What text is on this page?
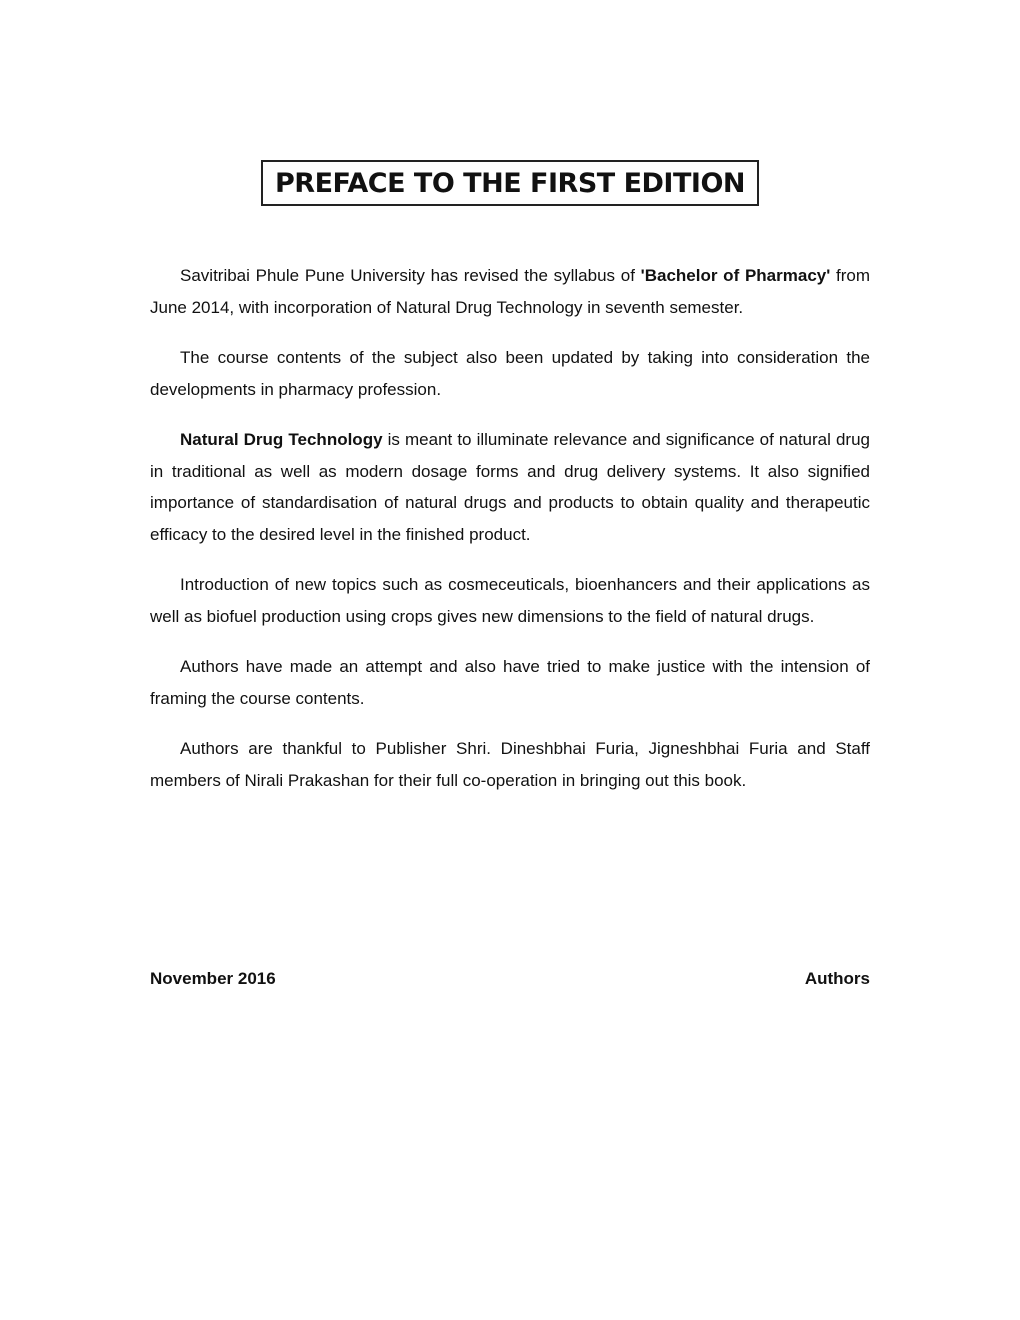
PREFACE TO THE FIRST EDITION

Savitribai Phule Pune University has revised the syllabus of 'Bachelor of Pharmacy' from June 2014, with incorporation of Natural Drug Technology in seventh semester.

The course contents of the subject also been updated by taking into consideration the developments in pharmacy profession.

Natural Drug Technology is meant to illuminate relevance and significance of natural drug in traditional as well as modern dosage forms and drug delivery systems. It also signified importance of standardisation of natural drugs and products to obtain quality and therapeutic efficacy to the desired level in the finished product.

Introduction of new topics such as cosmeceuticals, bioenhancers and their applications as well as biofuel production using crops gives new dimensions to the field of natural drugs.

Authors have made an attempt and also have tried to make justice with the intension of framing the course contents.

Authors are thankful to Publisher Shri. Dineshbhai Furia, Jigneshbhai Furia and Staff members of Nirali Prakashan for their full co-operation in bringing out this book.

November 2016	Authors
